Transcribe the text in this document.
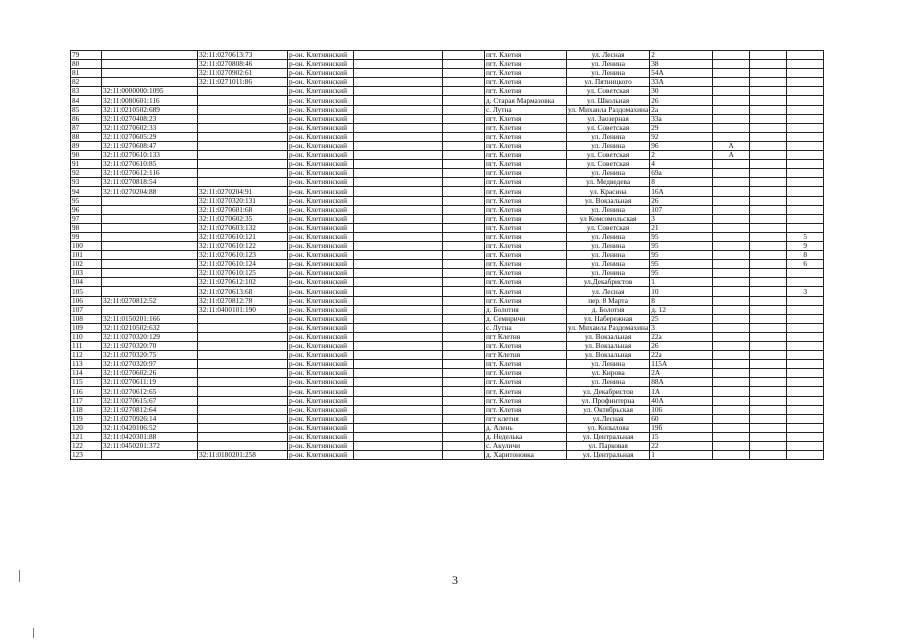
79		32:11:0270613:73	р-он. Клетнянский			пгт. Клетня	ул. Лесная	2			
80		32:11:0270808:46	р-он. Клетнянский			пгт. Клетня	ул. Ленина	38			
81		32:11:0270902:61	р-он. Клетнянский			пгт. Клетня	ул. Ленина	54А			
82		32:11:0271011:86	р-он. Клетнянский			пгт. Клетня	ул. Пятницкого	33А			
83	32:11:0000000:1095		р-он. Клетнянский			пгт. Клетня	ул. Советская	30			
84	32:11:0080601:116		р-он. Клетнянский			д. Старая Мармазовка	ул. Школьная	26			
85	32:11:0210502:689		р-он. Клетнянский			с. Лутна	ул. Михаила Раздомахина	2а			
86	32:11:0270408:23		р-он. Клетнянский			пгт. Клетня	ул. Заозерная	33а			
87	32:11:0270602:33		р-он. Клетнянский			пгт. Клетня	ул. Советская	29			
88	32:11:0270605:29		р-он. Клетнянский			пгт. Клетня	ул. Ленина	92			
89	32:11:0270608:47		р-он. Клетнянский			пгт. Клетня	ул. Ленина	96	А		
90	32:11:0270610:133		р-он. Клетнянский			пгт. Клетня	ул. Советская	2	А		
91	32:11:0270610:85		р-он. Клетнянский			пгт. Клетня	ул. Советская	4			
92	32:11:0270612:116		р-он. Клетнянский			пгт. Клетня	ул. Ленина	69а			
93	32:11:0270818:54		р-он. Клетнянский			пгт. Клетня	ул. Медведева	8			
94	32:11:0270204:88	32:11:0270204:91	р-он. Клетнянский			пгт. Клетня	ул. Красина	16А			
95		32:11:0270320:131	р-он. Клетнянский			пгт. Клетня	ул. Вокзальная	26			
96		32:11:0270601:68	р-он. Клетнянский			пгт. Клетня	ул. Ленина	107			
97		32:11:0270602:35	р-он. Клетнянский			пгт. Клетня	ул Комсомольская	3			
98		32:11:0270603:132	р-он. Клетнянский			пгт. Клетня	ул. Советская	21			
99		32:11:0270610:121	р-он. Клетнянский			пгт. Клетня	ул. Ленина	95			5
100		32:11:0270610:122	р-он. Клетнянский			пгт. Клетня	ул. Ленина	95			9
101		32:11:0270610:123	р-он. Клетнянский			пгт. Клетня	ул. Ленина	95			8
102		32:11:0270610:124	р-он. Клетнянский			пгт. Клетня	ул. Ленина	95			6
103		32:11:0270610:125	р-он. Клетнянский			пгт. Клетня	ул. Ленина	95			
104		32:11:0270612:102	р-он. Клетнянский			пгт. Клетня	ул.Декабристов	1			
105		32:11:0270613:68	р-он. Клетнянский			пгт. Клетня	ул. Лесная	10			3
106	32:11:0270812:52	32:11:0270812:78	р-он. Клетнянский			пгт. Клетня	пер. 8 Марта	8			
107		32:11:0400101:190	р-он. Клетнянский			д. Болотня	д. Болотня	д. 12			
108	32:11:0150201:166		р-он. Клетнянский			д. Семиричи	ул. Набережная	25			
109	32:11:0210502:632		р-он. Клетнянский			с. Лутна	ул. Михаила Раздомахина	3			
110	32:11:0270320:129		р-он. Клетнянский			пгт Клетня	ул. Вокзальная	22а			
111	32:11:0270320:70		р-он. Клетнянский			пгт. Клетня	ул. Вокзальная	26			
112	32:11:0270320:75		р-он. Клетнянский			пгт Клетня	ул. Вокзальная	22а			
113	32:11:0270320:97		р-он. Клетнянский			пгт. Клетня	ул. Ленина	115А			
114	32:11:0270602:26		р-он. Клетнянский			пгт. Клетня	ул. Кирова	2А			
115	32:11:0270611:19		р-он. Клетнянский			пгт. Клетня	ул. Ленина	88А			
116	32:11:0270612:65		р-он. Клетнянский			пгт. Клетня	ул. Декабристов	1А			
117	32:11:0270615:67		р-он. Клетнянский			пгт. Клетня	ул. Профинтерна	40А			
118	32:11:0270812:64		р-он. Клетнянский			пгт. Клетня	ул. Октябрьская	106			
119	32:11:0270926:14		р-он. Клетнянский			пгт клетня	ул.Лесная	60			
120	32:11:0420106:52		р-он. Клетнянский			д. Алень	ул. Копылова	19б			
121	32:11:0420301:88		р-он. Клетнянский			д. Неделька	ул. Центральная	15			
122	32:11:0450201:372		р-он. Клетнянский			с. Акуличи	ул. Парковая	22			
123		32:11:0180201:258	р-он. Клетнянский			д. Харитоновка	ул. Центральная	1			
3
